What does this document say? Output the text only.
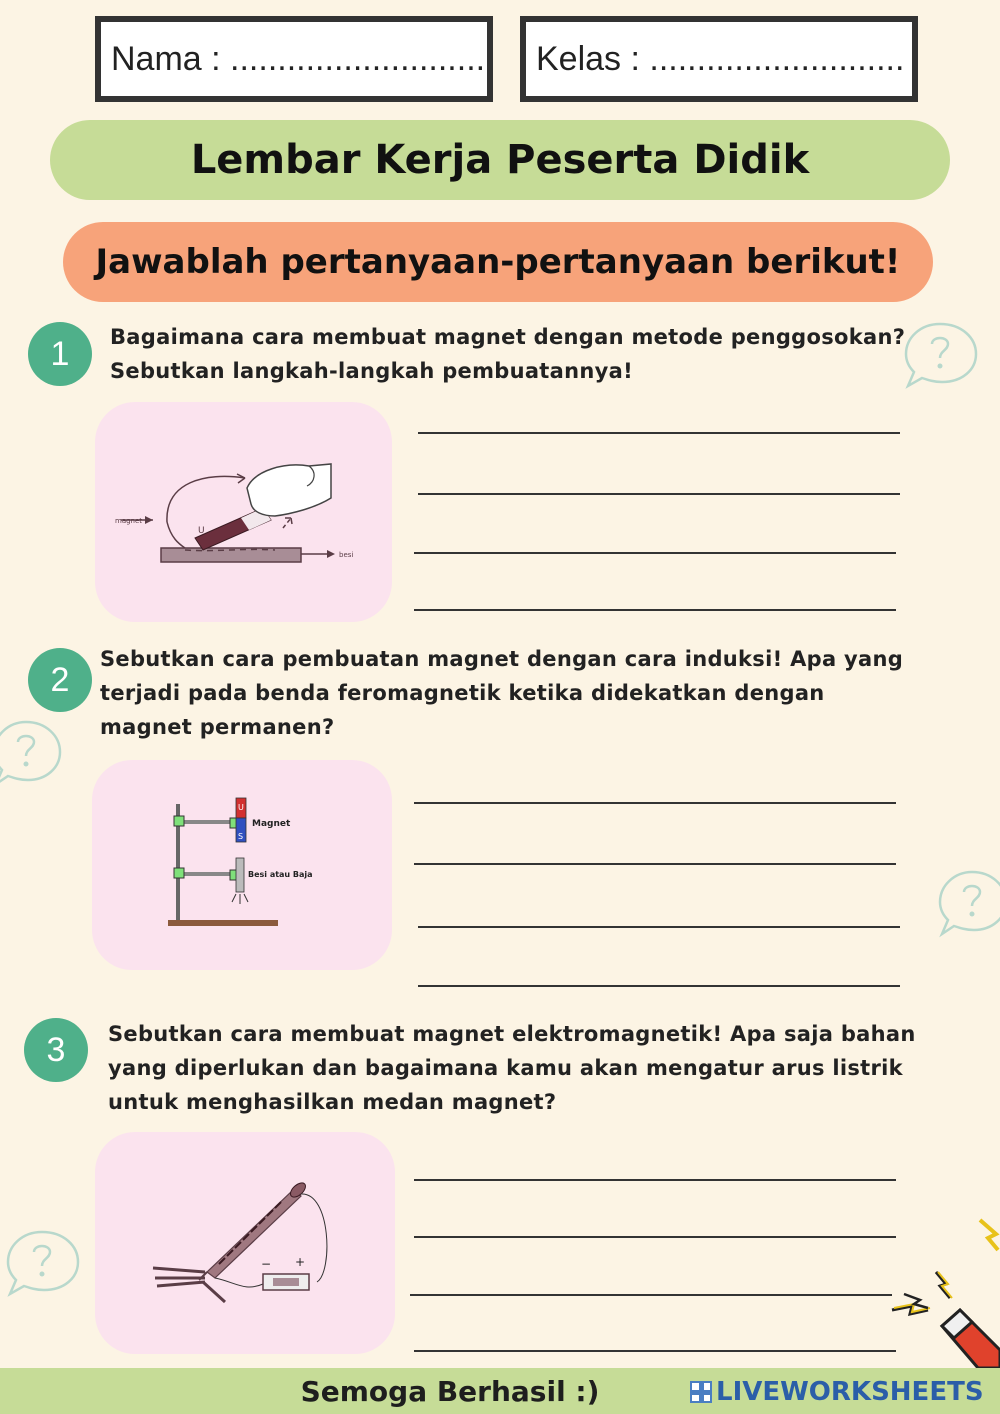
Nama : ........................... Kelas : ...........................
Lembar Kerja Peserta Didik
Jawablah pertanyaan-pertanyaan berikut!
1 Bagaimana cara membuat magnet dengan metode penggosokan?
Sebutkan langkah-langkah pembuatannya!
magnet
U
besi
2
Sebutkan cara pembuatan magnet dengan cara induksi! Apa yang
terjadi pada benda feromagnetik ketika didekatkan dengan
magnet permanen?
U
S
Magnet
Besi atau Baja
3 Sebutkan cara membuat magnet elektromagnetik! Apa saja bahan
yang diperlukan dan bagaimana kamu akan mengatur arus listrik
untuk menghasilkan medan magnet?
− +
Semoga Berhasil :)	LIVEWORKSHEETS
